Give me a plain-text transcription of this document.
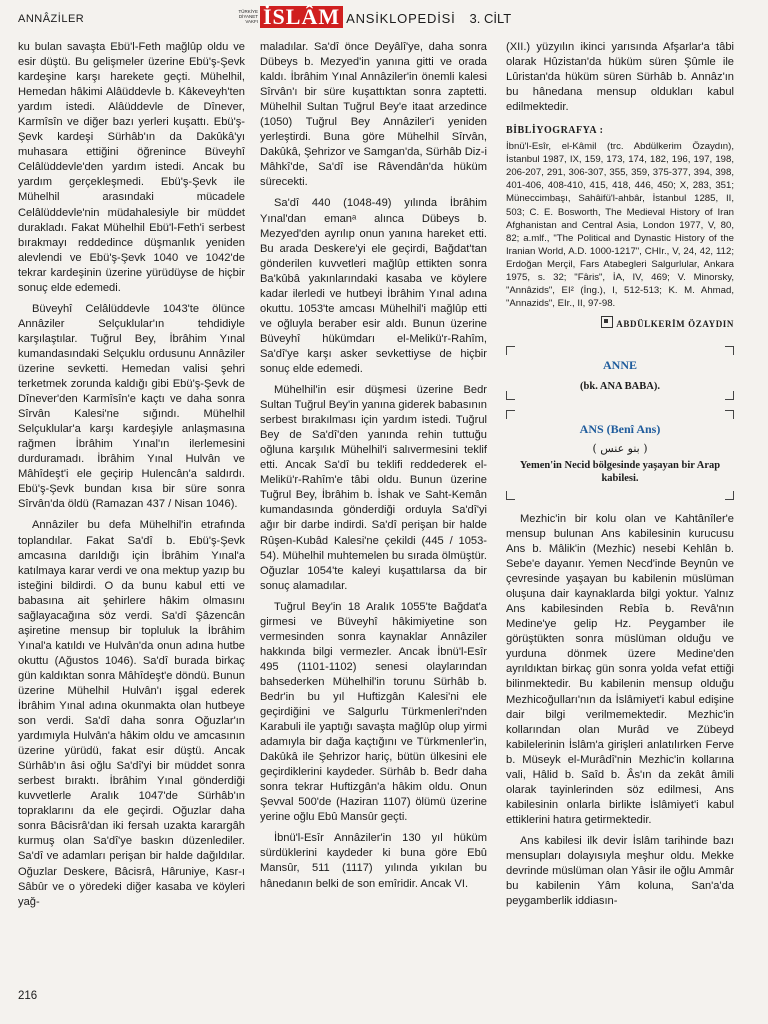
ANNÂZİLER
TÜRKİYE
DİYANET
VAKFI İSLÂM ANSİKLOPEDİSİ 3. CİLT

ku bulan savaşta Ebü'l-Feth mağlûp oldu ve esir düştü. Bu gelişmeler üzerine Ebü'ş-Şevk kardeşine karşı harekete geçti. Mühelhil, Hemedan hâkimi Alâüddevle b. Kâkeveyh'ten yardım istedi. Alâüddevle de Dînever, Karmîsîn ve diğer bazı yerleri kuşattı. Ebü'ş-Şevk kardeşi Sürhâb'ın da Dakûkâ'yı muhasara ettiğini öğrenince Büveyhî Celâlüddevle'den yardım istedi. Ancak bu yardım gerçekleşmedi. Ebü'ş-Şevk ile Mühelhil arasındaki mücadele Celâlüddevle'nin müdahalesiyle bir müddet durakladı. Fakat Mühelhil Ebü'l-Feth'i serbest bırakmayı reddedince düşmanlık yeniden alevlendi ve Ebü'ş-Şevk 1040 ve 1042'de tekrar kardeşinin üzerine yürüdüyse de hiçbir sonuç elde edemedi.

Büveyhî Celâlüddevle 1043'te ölünce Annâziler Selçuklular'ın tehdidiyle karşılaştılar. Tuğrul Bey, İbrâhim Yınal kumandasındaki Selçuklu ordusunu Annâziler üzerine sevketti. Hemedan valisi şehri terketmek zorunda kaldığı gibi Ebü'ş-Şevk de Dînever'den Karmîsîn'e kaçtı ve daha sonra Sîrvân Kalesi'ne sığındı. Mühelhil Selçuklular'a karşı kardeşiyle anlaşmasına rağmen İbrâhim Yınal'ın ilerlemesini durduramadı. İbrâhim Yınal Hulvân ve Mâhîdeşt'i ele geçirip Hulencân'a saldırdı. Ebü'ş-Şevk bundan kısa bir süre sonra Sîrvân'da öldü (Ramazan 437 / Nisan 1046).

Annâziler bu defa Mühelhil'in etrafında toplandılar. Fakat Sa'dî b. Ebü'ş-Şevk amcasına darıldığı için İbrâhim Yınal'a katılmaya karar verdi ve ona mektup yazıp bu isteğini bildirdi. O da bunu kabul etti ve babasına ait şehirlere hâkim olmasını sağlayacağına söz verdi. Sa'dî Şâzencân aşiretine mensup bir topluluk la İbrâhim Yınal'a katıldı ve Hulvân'da onun adına hutbe okuttu (Ağustos 1046). Sa'dî burada birkaç gün kaldıktan sonra Mâhîdeşt'e döndü. Bunun üzerine Mühelhil Hulvân'ı işgal ederek İbrâhim Yınal adına okunmakta olan hutbeye son verdi. Sa'dî daha sonra Oğuzlar'ın yardımıyla Hulvân'a hâkim oldu ve amcasının üzerine yürüdü, fakat esir düştü. Ancak Sürhâb'ın âsi oğlu Sa'dî'yi bir müddet sonra serbest bıraktı. İbrâhim Yınal gönderdiği kuvvetlerle Aralık 1047'de Sürhâb'ın topraklarını da ele geçirdi. Oğuzlar daha sonra Bâcisrâ'dan iki fersah uzakta karargâh kurmuş olan Sa'dî'ye baskın düzenlediler. Sa'dî ve adamları perişan bir halde dağıldılar. Oğuzlar Deskere, Bâcisrâ, Hâruniye, Kasr-ı Sâbûr ve o yöredeki diğer kasaba ve köyleri yağ-

maladılar. Sa'dî önce Deyâlî'ye, daha sonra Dübeys b. Mezyed'in yanına gitti ve orada kaldı. İbrâhim Yınal Annâziler'in önemli kalesi Sîrvân'ı bir süre kuşattıktan sonra zaptetti. Mühelhil Sultan Tuğrul Bey'e itaat arzedince (1050) Tuğrul Bey Annâziler'i yeniden yerleştirdi. Buna göre Mühelhil Sîrvân, Dakûkâ, Şehrizor ve Samgan'da, Sürhâb Diz-i Mâhkî'de, Sa'dî ise Râvendân'da hüküm sürecekti.

Sa'dî 440 (1048-49) yılında İbrâhim Yınal'dan emanᵃ alınca Dübeys b. Mezyed'den ayrılıp onun yanına hareket etti. Bu arada Deskere'yi ele geçirdi, Bağdat'tan gönderilen kuvvetleri mağlûp ettikten sonra Ba'kûbâ yakınlarındaki kasaba ve köylere kadar ilerledi ve hutbeyi İbrâhim Yınal adına okuttu. 1053'te amcası Mühelhil'i mağlûp etti ve oğluyla beraber esir aldı. Bunun üzerine Büveyhî hükümdarı el-Melikü'r-Rahîm, Sa'dî'ye karşı asker sevkettiyse de hiçbir sonuç elde edemedi.

Mühelhil'in esir düşmesi üzerine Bedr Sultan Tuğrul Bey'in yanına giderek babasının serbest bırakılması için yardım istedi. Tuğrul Bey de Sa'dî'den yanında rehin tuttuğu oğluna karşılık Mühelhil'i salıvermesini teklif etti. Ancak Sa'dî bu teklifi reddederek el-Melikü'r-Rahîm'e tâbi oldu. Bunun üzerine Tuğrul Bey, İbrâhim b. İshak ve Saht-Kemân kumandasında gönderdiği orduyla Sa'dî'yi ağır bir darbe indirdi. Sa'dî perişan bir halde Rûşen-Kubâd Kalesi'ne çekildi (445 / 1053-54). Mühelhil muhtemelen bu sırada ölmüştür. Oğuzlar 1054'te kaleyi kuşattılarsa da bir sonuç alamadılar.

Tuğrul Bey'in 18 Aralık 1055'te Bağdat'a girmesi ve Büveyhî hâkimiyetine son vermesinden sonra kaynaklar Annâziler hakkında bilgi vermezler. Ancak İbnü'l-Esîr 495 (1101-1102) senesi olaylarından bahsederken Mühelhil'in torunu Sürhâb b. Bedr'in bu yıl Huftizgân Kalesi'ni ele geçirdiğini ve Salgurlu Türkmenleri'nden Karabuli ile yaptığı savaşta mağlûp olup yirmi adamıyla bir dağa kaçtığını ve Türkmenler'in, Dakûkâ ile Şehrizor hariç, bütün ülkesini ele geçirdiklerini kaydeder. Sürhâb b. Bedr daha sonra tekrar Huftizgân'a hâkim oldu. Onun Şevval 500'de (Haziran 1107) ölümü üzerine yerine oğlu Ebû Mansûr geçti.

İbnü'l-Esîr Annâziler'in 130 yıl hüküm sürdüklerini kaydeder ki buna göre Ebû Mansûr, 511 (1117) yılında yıkılan bu hânedanın belki de son emîridir. Ancak VI.

(XII.) yüzyılın ikinci yarısında Afşarlar'a tâbi olarak Hûzistan'da hüküm süren Şûmle ile Lûristan'da hüküm süren Sürhâb b. Annâz'ın bu hânedana mensup oldukları kabul edilmektedir.

BİBLİYOGRAFYA :

İbnü'l-Esîr, el-Kâmil (trc. Abdülkerim Özaydın), İstanbul 1987, IX, 159, 173, 174, 182, 196, 197, 198, 206-207, 291, 306-307, 355, 359, 375-377, 394, 398, 401-406, 408-410, 415, 418, 446, 450; X, 283, 351; Müneccimbaşı, Sahâifü'l-ahbâr, İstanbul 1285, II, 503; C. E. Bosworth, The Medieval History of Iran Afghanistan and Central Asia, London 1977, V, 80, 82; a.mlf., "The Political and Dynastic History of the Iranian World, A.D. 1000-1217", CHIr., V, 24, 42, 112; Erdoğan Merçil, Fars Atabegleri Salgurlular, Ankara 1975, s. 32; "Fâris", İA, IV, 469; V. Minorsky, "Annâzids", EI² (İng.), I, 512-513; K. M. Ahmad, "Annazids", EIr., II, 97-98.

ABDÜLKERİM ÖZAYDIN
ANNE
(bk. ANA BABA).
ANS (Benî Ans)
( بنو عنس )
Yemen'in Necid bölgesinde yaşayan bir Arap kabilesi.

Mezhic'in bir kolu olan ve Kahtânîler'e mensup bulunan Ans kabilesinin kurucusu Ans b. Mâlik'in (Mezhic) nesebi Kehlân b. Sebe'e dayanır. Yemen Necd'inde Beynûn ve çevresinde yaşayan bu kabilenin müslüman oluşuna dair kaynaklarda bilgi yoktur. Yalnız Ans kabilesinden Rebîa b. Revâ'nın Medine'ye gelip Hz. Peygamber ile görüştükten sonra müslüman olduğu ve yurduna dönmek üzere Medine'den ayrıldıktan birkaç gün sonra yolda vefat ettiği bilinmektedir. Bu kabilenin mensup olduğu Mezhicoğulları'nın da İslâmiyet'i kabul edişine dair bilgi verilmemektedir. Mezhic'in kollarından olan Murâd ve Zübeyd kabilelerinin İslâm'a girişleri anlatılırken Ferve b. Müseyk el-Murâdî'nin Mezhic'in kollarına vali, Hâlid b. Saîd b. Âs'ın da zekât âmili olarak tayinlerinden söz edilmesi, Ans kabilesinin onlarla birlikte İslâmiyet'i kabul ettiklerini hatıra getirmektedir.

Ans kabilesi ilk devir İslâm tarihinde bazı mensupları dolayısıyla meşhur oldu. Mekke devrinde müslüman olan Yâsir ile oğlu Ammâr bu kabilenin Yâm koluna, San'a'da peygamberlik iddiasın-

216
